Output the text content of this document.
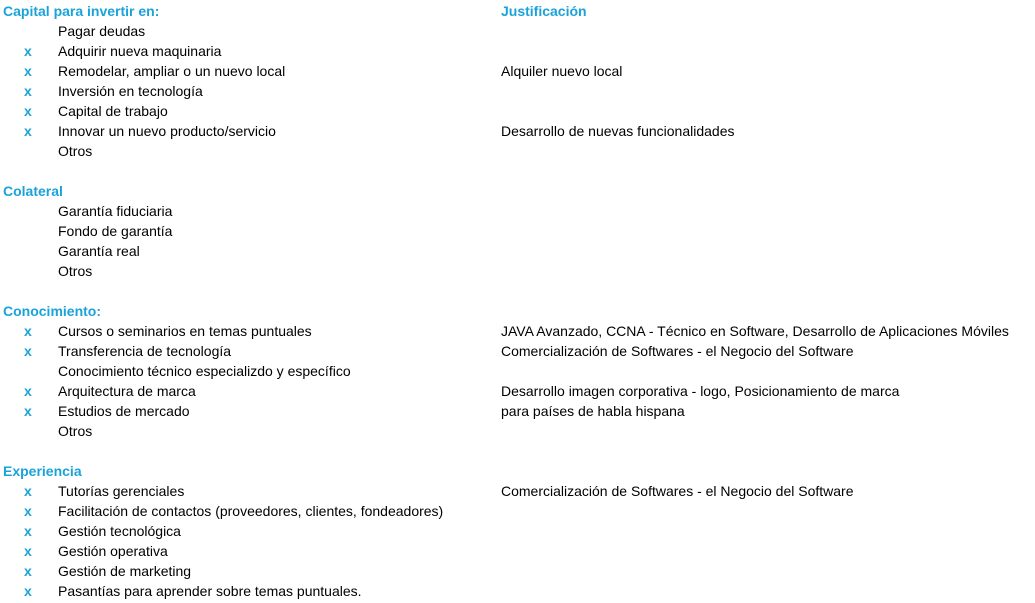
Capital para invertir en:	Justificación
Pagar deudas
x	Adquirir nueva maquinaria
x	Remodelar, ampliar o un nuevo local	Alquiler nuevo local
x	Inversión en tecnología
x	Capital de trabajo
x	Innovar un nuevo producto/servicio	Desarrollo de nuevas funcionalidades
Otros
Colateral
Garantía fiduciaria
Fondo de garantía
Garantía real
Otros
Conocimiento:
x	Cursos o seminarios en temas puntuales	JAVA Avanzado, CCNA - Técnico en Software, Desarrollo de Aplicaciones Móviles
x	Transferencia de tecnología	Comercialización de Softwares - el Negocio del Software
Conocimiento técnico especializdo y específico
x	Arquitectura de marca	Desarrollo imagen corporativa - logo, Posicionamiento de marca
x	Estudios de mercado	para países de habla hispana
Otros
Experiencia
x	Tutorías gerenciales	Comercialización de Softwares - el Negocio del Software
x	Facilitación de contactos (proveedores, clientes, fondeadores)
x	Gestión tecnológica
x	Gestión operativa
x	Gestión de marketing
x	Pasantías para aprender sobre temas puntuales.
